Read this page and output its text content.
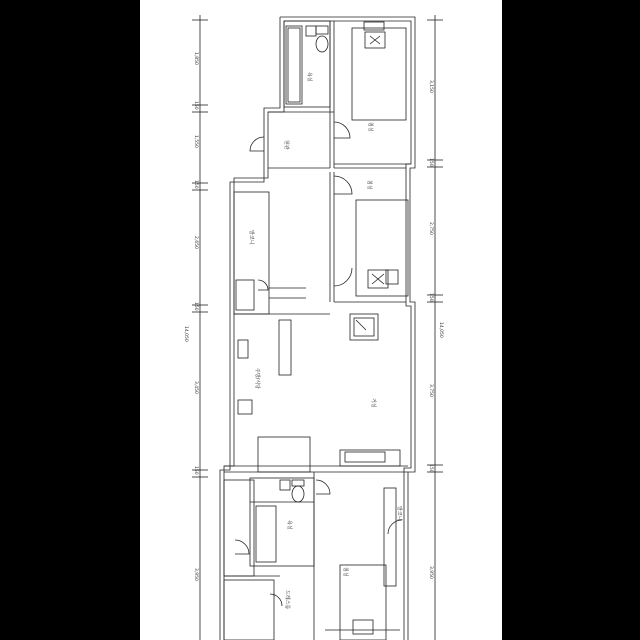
욕실
침실
현관
침실
발코니
주방/식당
거실
욕실
발코니
침실
드레스룸
1,850
150
1,550
150
2,650
150
14,050
3,450
150
3,950
3,150
150
2,750
150
14,050
3,750
150
3,950
